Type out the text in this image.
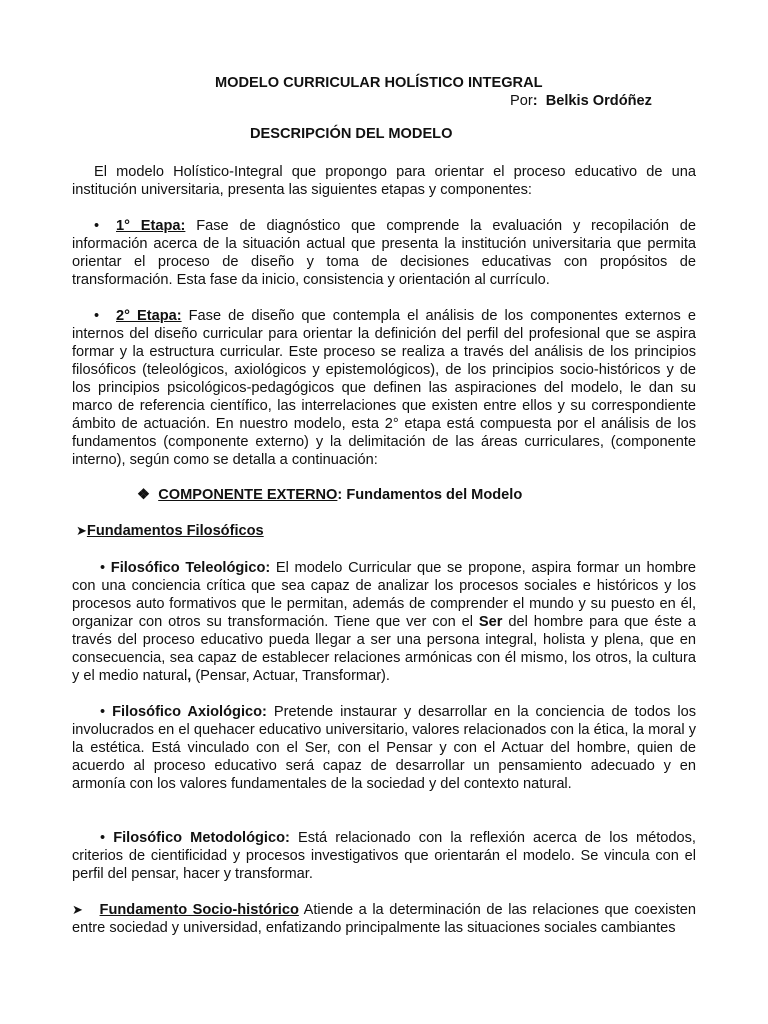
MODELO CURRICULAR HOLÍSTICO INTEGRAL
Por: Belkis Ordóñez
DESCRIPCIÓN DEL MODELO
El modelo Holístico-Integral que propongo para orientar el proceso educativo de una institución universitaria, presenta las siguientes etapas y componentes:
• 1° Etapa: Fase de diagnóstico que comprende la evaluación y recopilación de información acerca de la situación actual que presenta la institución universitaria que permita orientar el proceso de diseño y toma de decisiones educativas con propósitos de transformación. Esta fase da inicio, consistencia y orientación al currículo.
• 2° Etapa: Fase de diseño que contempla el análisis de los componentes externos e internos del diseño curricular para orientar la definición del perfil del profesional que se aspira formar y la estructura curricular. Este proceso se realiza a través del análisis de los principios filosóficos (teleológicos, axiológicos y epistemológicos), de los principios socio-históricos y de los principios psicológicos-pedagógicos que definen las aspiraciones del modelo, le dan su marco de referencia científico, las interrelaciones que existen entre ellos y su correspondiente ámbito de actuación. En nuestro modelo, esta 2° etapa está compuesta por el análisis de los fundamentos (componente externo) y la delimitación de las áreas curriculares, (componente interno), según como se detalla a continuación:
❖ COMPONENTE EXTERNO: Fundamentos del Modelo
➤Fundamentos Filosóficos
• Filosófico Teleológico: El modelo Curricular que se propone, aspira formar un hombre con una conciencia crítica que sea capaz de analizar los procesos sociales e históricos y los procesos auto formativos que le permitan, además de comprender el mundo y su puesto en él, organizar con otros su transformación. Tiene que ver con el Ser del hombre para que éste a través del proceso educativo pueda llegar a ser una persona integral, holista y plena, que en consecuencia, sea capaz de establecer relaciones armónicas con él mismo, los otros, la cultura y el medio natural, (Pensar, Actuar, Transformar).
• Filosófico Axiológico: Pretende instaurar y desarrollar en la conciencia de todos los involucrados en el quehacer educativo universitario, valores relacionados con la ética, la moral y la estética. Está vinculado con el Ser, con el Pensar y con el Actuar del hombre, quien de acuerdo al proceso educativo será capaz de desarrollar un pensamiento adecuado y en armonía con los valores fundamentales de la sociedad y del contexto natural.
• Filosófico Metodológico: Está relacionado con la reflexión acerca de los métodos, criterios de cientificidad y procesos investigativos que orientarán el modelo. Se vincula con el perfil del pensar, hacer y transformar.
➤ Fundamento Socio-histórico Atiende a la determinación de las relaciones que coexisten entre sociedad y universidad, enfatizando principalmente las situaciones sociales cambiantes
